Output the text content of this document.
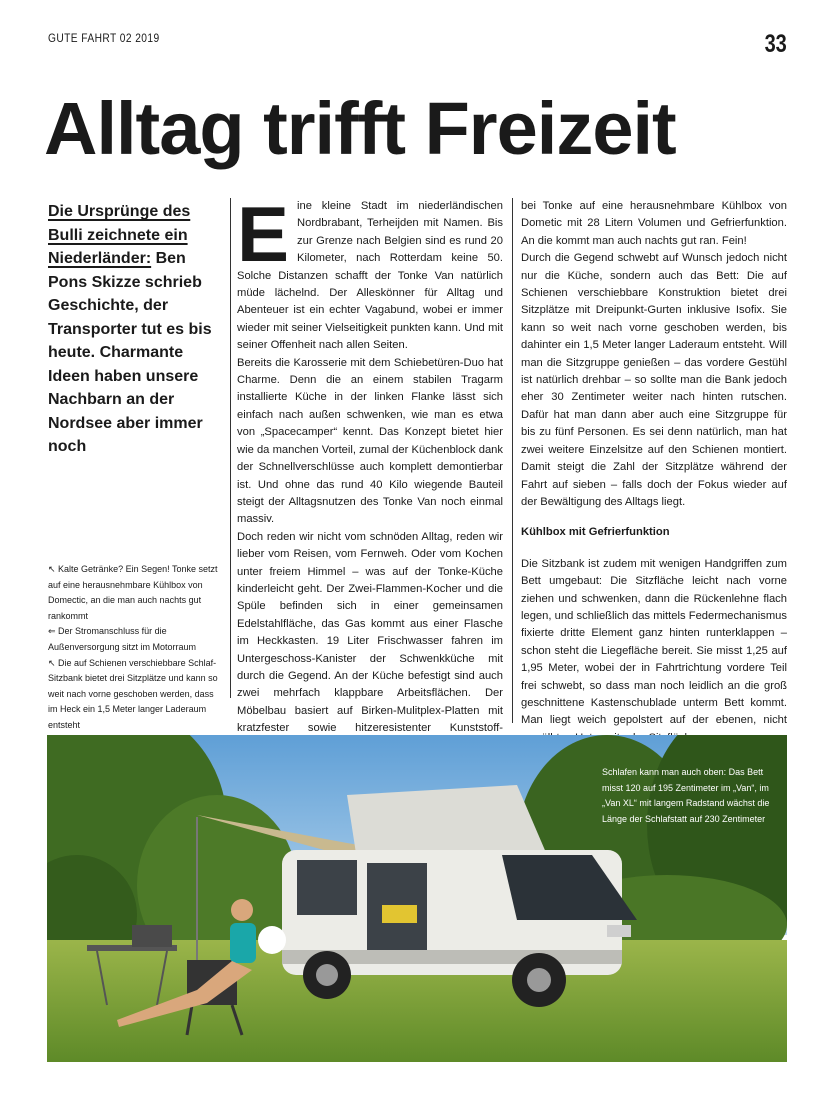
GUTE FAHRT 02 2019	33
Alltag trifft Freizeit
Die Ursprünge des Bulli zeichnete ein Niederländer: Ben Pons Skizze schrieb Geschichte, der Transporter tut es bis heute. Charmante Ideen haben unsere Nachbarn an der Nordsee aber immer noch

↖ Kalte Getränke? Ein Segen! Tonke setzt auf eine herausnehmbare Kühlbox von Domectic, an die man auch nachts gut rankommt

⇐ Der Stromanschluss für die Außenversorgung sitzt im Motorraum

↖ Die auf Schienen verschiebbare Schlaf-Sitzbank bietet drei Sitzplätze und kann so weit nach vorne geschoben werden, dass im Heck ein 1,5 Meter langer Laderaum entsteht

E ine kleine Stadt im niederländischen Nordbrabant, Terheijden mit Namen. Bis zur Grenze nach Belgien sind es rund 20 Kilometer, nach Rotterdam keine 50. Solche Distanzen schafft der Tonke Van natürlich müde lächelnd. Der Alleskönner für Alltag und Abenteuer ist ein echter Vagabund, wobei er immer wieder mit seiner Vielseitigkeit punkten kann. Und mit seiner Offenheit nach allen Seiten.

Bereits die Karosserie mit dem Schiebetüren-Duo hat Charme. Denn die an einem stabilen Tragarm installierte Küche in der linken Flanke lässt sich einfach nach außen schwenken, wie man es etwa von „Spacecamper“ kennt. Das Konzept bietet hier wie da manchen Vorteil, zumal der Küchenblock dank der Schnellverschlüsse auch komplett demontierbar ist. Und ohne das rund 40 Kilo wiegende Bauteil steigt der Alltagsnutzen des Tonke Van noch einmal massiv.

Doch reden wir nicht vom schnöden Alltag, reden wir lieber vom Reisen, vom Fernweh. Oder vom Kochen unter freiem Himmel – was auf der Tonke-Küche kinderleicht geht. Der Zwei-Flammen-Kocher und die Spüle befinden sich in einer gemeinsamen Edelstahlfläche, das Gas kommt aus einer Flasche im Heckkasten. 19 Liter Frischwasser fahren im Untergeschoss-Kanister der Schwenkküche mit durch die Gegend. An der Küche befestigt sind auch zwei mehrfach klappbare Arbeitsflächen. Der Möbelbau basiert auf Birken-Mulitplex-Platten mit kratzfester sowie hitzeresistenter Kunststoff-

bei Tonke auf eine herausnehmbare Kühlbox von Dometic mit 28 Litern Volumen und Gefrierfunktion. An die kommt man auch nachts gut ran. Fein!

Durch die Gegend schwebt auf Wunsch jedoch nicht nur die Küche, sondern auch das Bett: Die auf Schienen verschiebbare Konstruktion bietet drei Sitzplätze mit Dreipunkt-Gurten inklusive Isofix. Sie kann so weit nach vorne geschoben werden, bis dahinter ein 1,5 Meter langer Laderaum entsteht. Will man die Sitzgruppe genießen – das vordere Gestühl ist natürlich drehbar – so sollte man die Bank jedoch eher 30 Zentimeter weiter nach hinten rutschen. Dafür hat man dann aber auch eine Sitzgruppe für bis zu fünf Personen. Es sei denn natürlich, man hat zwei weitere Einzelsitze auf den Schienen montiert. Damit steigt die Zahl der Sitzplätze während der Fahrt auf sieben – falls doch der Fokus wieder auf der Bewältigung des Alltags liegt.

Kühlbox mit Gefrierfunktion

Die Sitzbank ist zudem mit wenigen Handgriffen zum Bett umgebaut: Die Sitzfläche leicht nach vorne ziehen und schwenken, dann die Rückenlehne flach legen, und schließlich das mittels Federmechanismus fixierte dritte Element ganz hinten runterklappen – schon steht die Liegefläche bereit. Sie misst 1,25 auf 1,95 Meter, wobei der in Fahrtrichtung vordere Teil frei schwebt, so dass man noch leidlich an die groß geschnittene Kastenschublade unterm Bett kommt. Man liegt weich gepolstert auf der ebenen, nicht

Schlafen kann man auch oben: Das Bett misst 120 auf 195 Zentimeter im „Van“, im „Van XL“ mit langem Radstand wächst die Länge der Schlafstatt auf 230 Zentimeter
